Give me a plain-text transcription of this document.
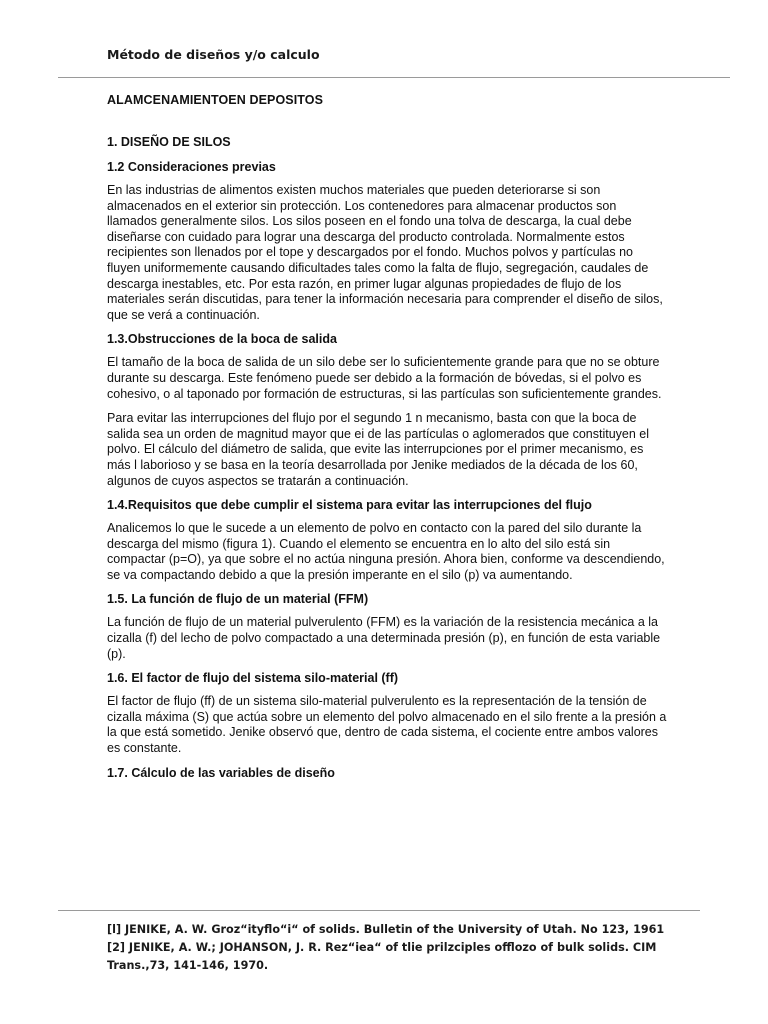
Método de diseños y/o calculo

ALAMCENAMIENTOEN DEPOSITOS

1. DISEÑO DE SILOS

1.2 Consideraciones previas

En las industrias de alimentos existen muchos materiales que pueden deteriorarse si son almacenados en el exterior sin protección. Los contenedores para almacenar productos son llamados generalmente silos. Los silos poseen en el fondo una tolva de descarga, la cual debe diseñarse con cuidado para lograr una descarga del producto controlada. Normalmente estos recipientes son llenados por el tope y descargados por el fondo. Muchos polvos y partículas no fluyen uniformemente causando dificultades tales como la falta de flujo, segregación, caudales de descarga inestables, etc. Por esta razón, en primer lugar algunas propiedades de flujo de los materiales serán discutidas, para tener la información necesaria para comprender el diseño de silos, que se verá a continuación.

1.3.Obstrucciones de la boca de salida

El tamaño de la boca de salida de un silo debe ser lo suficientemente grande para que no se obture durante su descarga. Este fenómeno puede ser debido a la formación de bóvedas, si el polvo es cohesivo, o al taponado por formación de estructuras, si las partículas son suficientemente grandes.

Para evitar las interrupciones del flujo por el segundo 1 n mecanismo, basta con que la boca de salida sea un orden de magnitud mayor que ei de las partículas o aglomerados que constituyen el polvo. El cálculo del diámetro de salida, que evite las interrupciones por el primer mecanismo, es más l laborioso y se basa en la teoría desarrollada por Jenike mediados de la década de los 60, algunos de cuyos aspectos se tratarán a continuación.

1.4.Requisitos que debe cumplir el sistema para evitar las interrupciones del flujo

Analicemos lo que le sucede a un elemento de polvo en contacto con la pared del silo durante la descarga del mismo (figura 1). Cuando el elemento se encuentra en lo alto del silo está sin compactar (p=O), ya que sobre el no actúa ninguna presión. Ahora bien, conforme va descendiendo, se va compactando debido a que la presión imperante en el silo (p) va aumentando.

1.5. La función de flujo de un material (FFM)

La función de flujo de un material pulverulento (FFM) es la variación de la resistencia mecánica a la cizalla (f) del lecho de polvo compactado a una determinada presión (p), en función de esta variable (p).

1.6. El factor de flujo del sistema silo-material (ff)

El factor de flujo (ff) de un sistema silo-material pulverulento es la representación de la tensión de cizalla máxima (S) que actúa sobre un elemento del polvo almacenado en el silo frente a la presión a la que está sometido. Jenike observó que, dentro de cada sistema, el cociente entre ambos valores es constante.

1.7. Cálculo de las variables de diseño

[l] JENIKE, A. W. Groz“ityflo“i“ of solids. Bulletin of the University of Utah. No 123, 1961

[2] JENIKE, A. W.; JOHANSON, J. R. Rez“iea“ of tlie prilzciples offlozo of bulk solids. CIM Trans.,73, 141-146, 1970.
